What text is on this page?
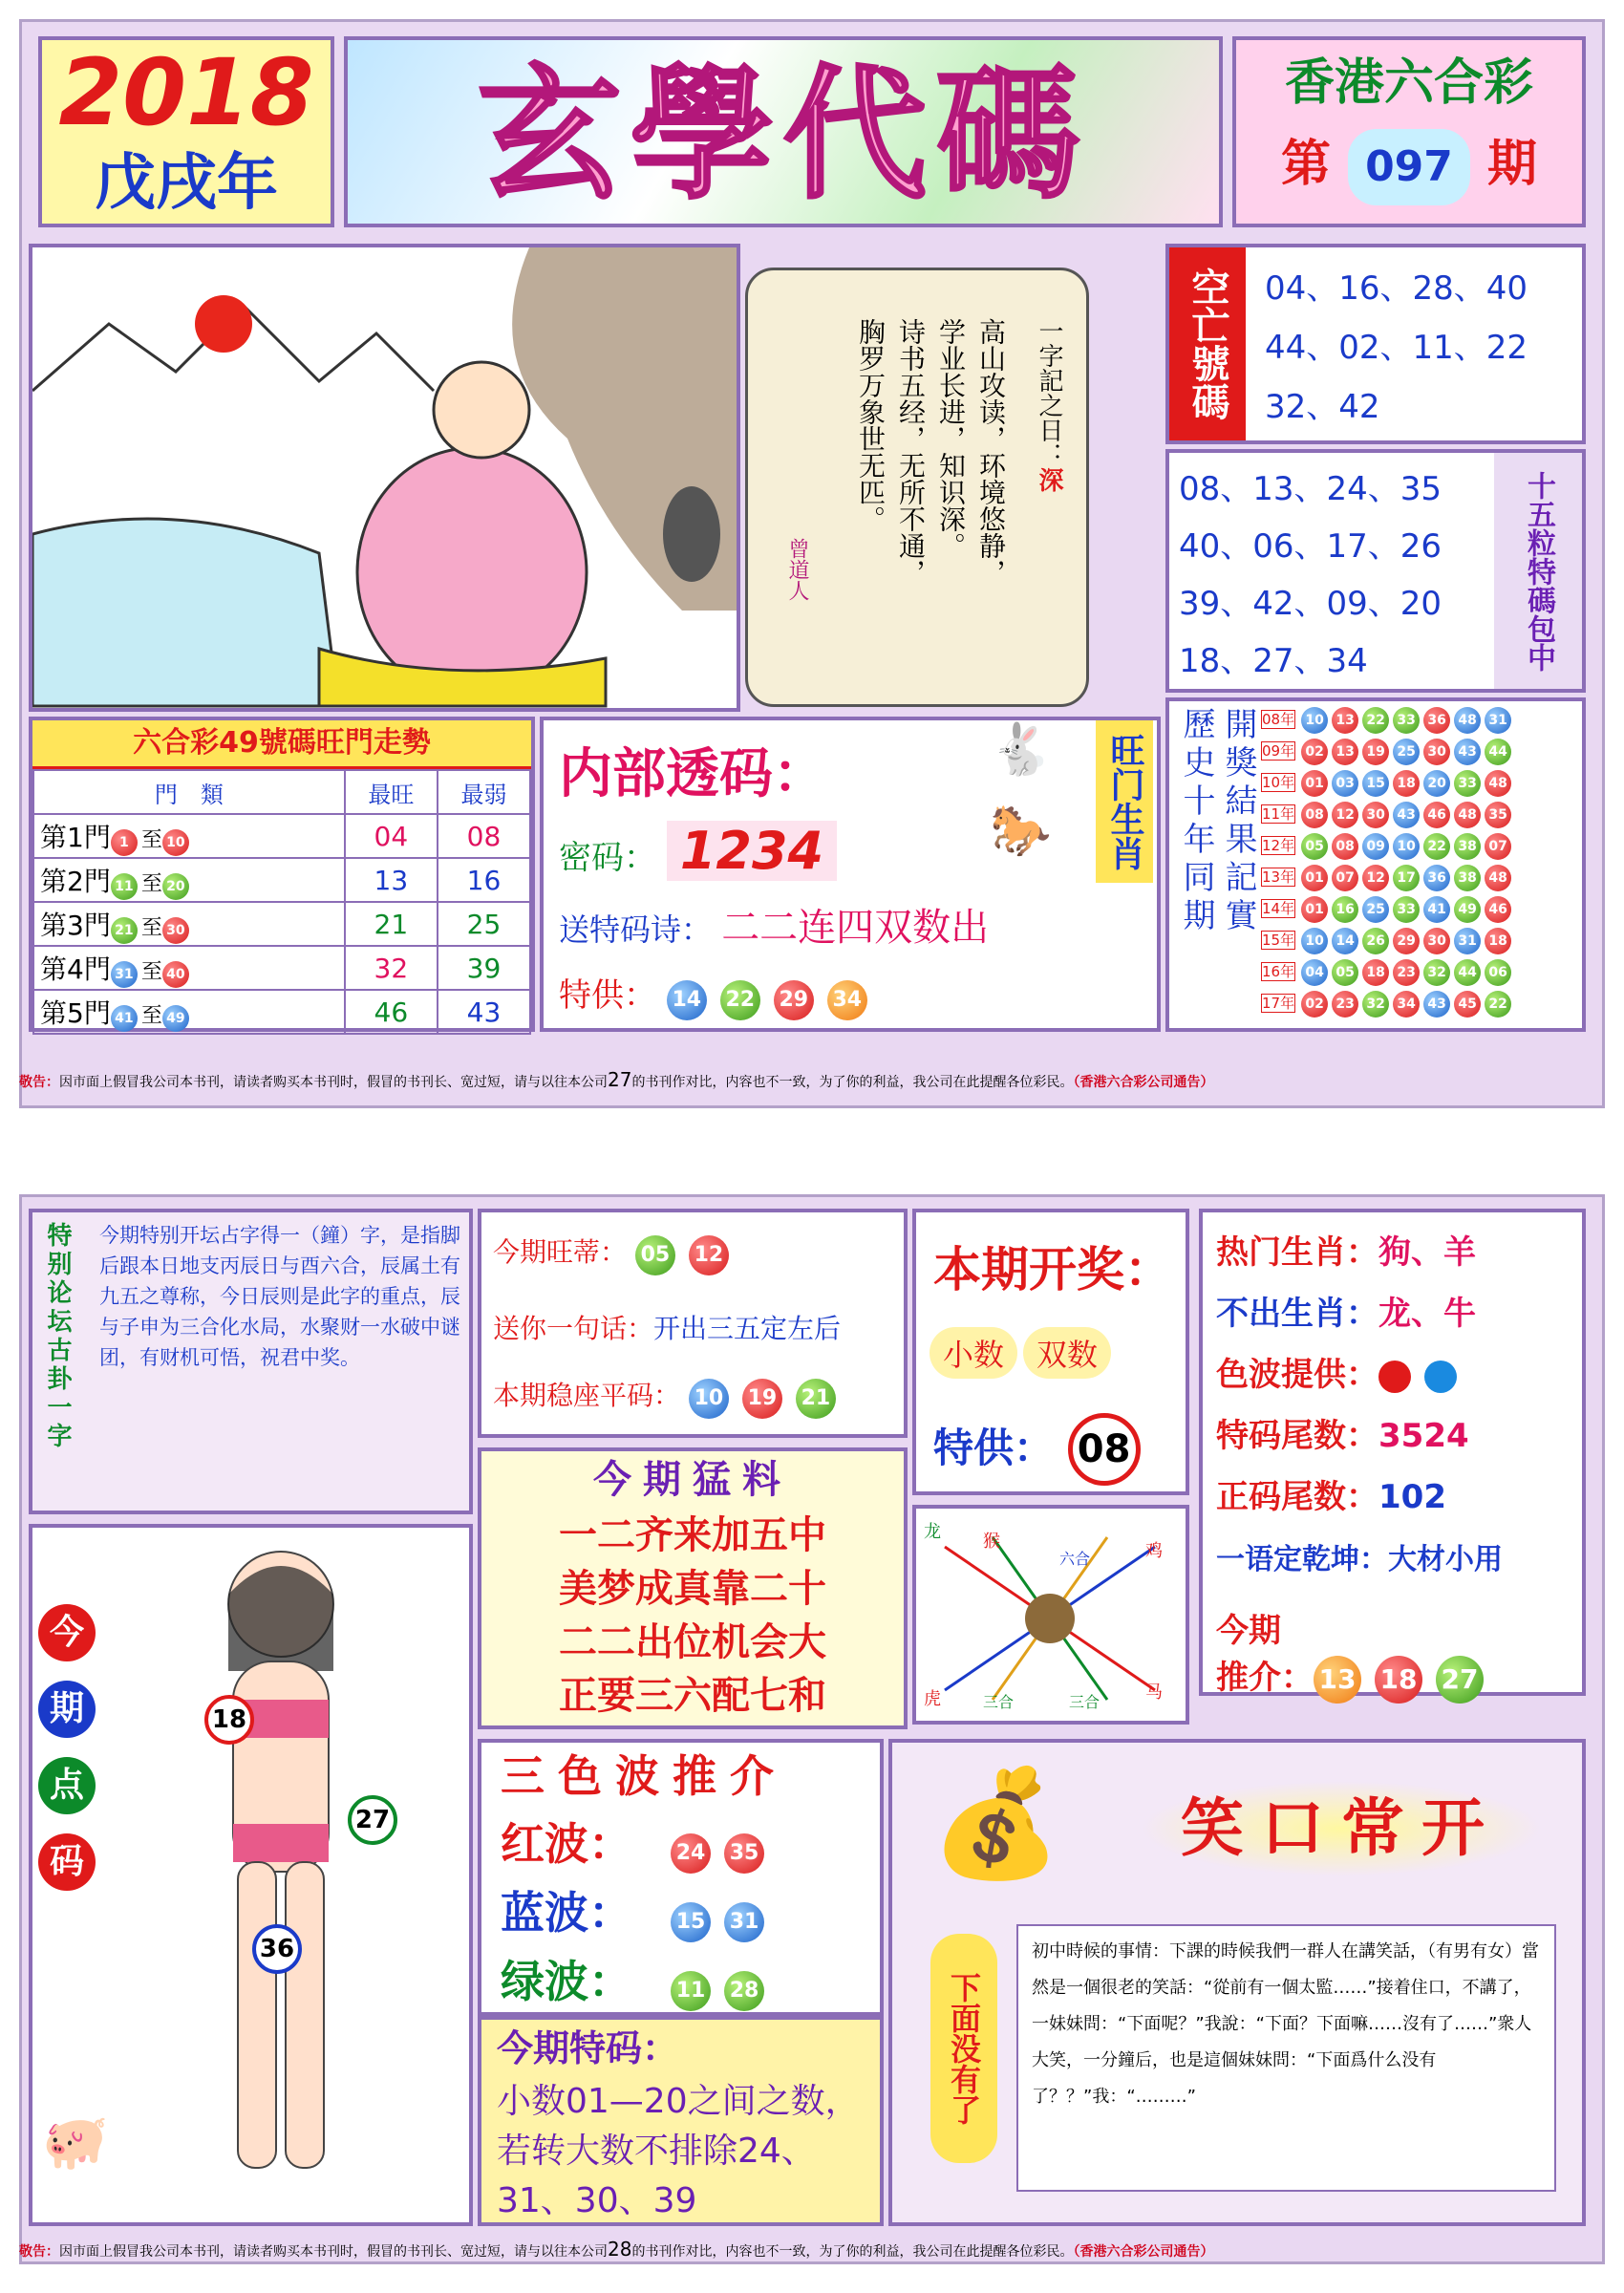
2018
戊戌年	玄學代碼	香港六合彩
第 097 期
一字記之日：深
高山攻读，环境悠静，
学业长进，知识深。
诗书五经，无所不通，
胸罗万象世无匹。
曾道人
空亡號碼	04、16、28、40
44、02、11、22
32、42
08、13、24、35
40、06、17、26
39、42、09、20
18、27、34	十五粒特碼包中
六合彩49號碼旺門走勢
門　類	最旺	最弱
第1門 1 至 10	04	08
第2門 11 至 20	13	16
第3門 21 至 30	21	25
第4門 31 至 40	32	39
第5門 41 至 49	46	43
内部透码：
密码： 1234
送特码诗： 二二连四双数出
特供： 14 22 29 34
🐇
🐎 旺门生肖 歷史十年同期 開獎結果記實 08年 10 13 22 33 36 48 31
09年 02 13 19 25 30 43 44
10年 01 03 15 18 20 33 48
11年 08 12 30 43 46 48 35
12年 05 08 09 10 22 38 07
13年 01 07 12 17 36 38 48
14年 01 16 25 33 41 49 46
15年 10 14 26 29 30 31 18
16年 04 05 18 23 32 44 06
17年 02 23 32 34 43 45 22
敬告：因市面上假冒我公司本书刊，请读者购买本书刊时，假冒的书刊长、宽过短，请与以往本公司27的书刊作对比，内容也不一致，为了你的利益，我公司在此提醒各位彩民。（香港六合彩公司通告）
特别论坛古卦一字 今期特别开坛占字得一（鐘）字，是指脚后跟本日地支丙辰日与酉六合，辰属土有九五之尊称，今日辰则是此字的重点，辰与子申为三合化水局，水聚财一水破中谜团，有财机可悟，祝君中奖。
今期旺蒂： 05 12
送你一句话：开出三五定左后
本期稳座平码： 10 19 21
本期开奖：
小数 双数
特供： 08
热门生肖：狗、羊
不出生肖：龙、牛
色波提供：
特码尾数：3524
正码尾数：102
一语定乾坤：大材小用
今期
推介： 13 18 27
今期猛料
一二齐来加五中
美梦成真靠二十
二二出位机会大
正要三六配七和
龙 猴
六合	鸡
虎	三合	三合	马
今
期
点
码
18
27
36
🐖
三色波推介
红波： 24 35
蓝波： 15 31
绿波： 11 28
今期特码：
小数01—20之间之数，若转大数不排除24、31、30、39
💰	笑口常开
下面没有了
初中時候的事情：下課的時候我們一群人在講笑話，（有男有女）當然是一個很老的笑話：“從前有一個太監……”接着住口，不講了，一妹妹問：“下面呢？”我說：“下面？下面嘛……沒有了……”衆人大笑，一分鐘后，也是這個妹妹問：“下面爲什么没有了？？”我：“………”
敬告：因市面上假冒我公司本书刊，请读者购买本书刊时，假冒的书刊长、宽过短，请与以往本公司28的书刊作对比，内容也不一致，为了你的利益，我公司在此提醒各位彩民。（香港六合彩公司通告）
